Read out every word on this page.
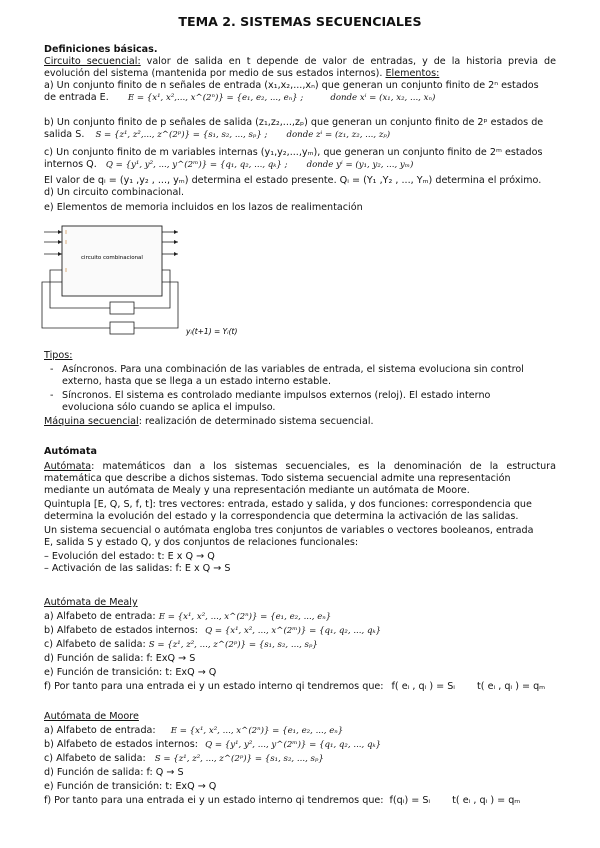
TEMA 2. SISTEMAS SECUENCIALES
Definiciones básicas.
Circuito secuencial: valor de salida en t depende de valor de entradas, y de la historia previa de
evolución del sistema (mantenida por medio de sus estados internos). Elementos:
a) Un conjunto finito de n señales de entrada (x₁,x₂,...,xₙ) que generan un conjunto finito de 2ⁿ estados
de entrada E. E = {x¹, x²,..., x^(2ⁿ)} = {e₁, e₂, ..., eₙ} ;	donde xⁱ = (x₁, x₂, ..., xₙ)
b) Un conjunto finito de p señales de salida (z₁,z₂,...,zₚ) que generan un conjunto finito de 2ᵖ estados de
salida S. S = {z¹, z²,..., z^(2ᵖ)} = {s₁, s₂, ..., sₚ} ; donde zⁱ = (z₁, z₂, ..., zₚ)
c) Un conjunto finito de m variables internas (y₁,y₂,...,yₘ), que generan un conjunto finito de 2ᵐ estados
internos Q. Q = {y¹, y², ..., y^(2ᵐ)} = {q₁, q₂, ..., qₖ} ; donde yⁱ = (y₁, y₂, ..., yₘ)
El valor de qᵢ = (y₁ ,y₂ , ..., yₘ) determina el estado presente. Qᵢ = (Y₁ ,Y₂ , ..., Yₘ) determina el próximo.
d) Un circuito combinacional.
e) Elementos de memoria incluidos en los lazos de realimentación
circuito combinacional
yᵢ(t+1) = Yᵢ(t)
Tipos:
- Asíncronos. Para una combinación de las variables de entrada, el sistema evoluciona sin control
externo, hasta que se llega a un estado interno estable.
- Síncronos. El sistema es controlado mediante impulsos externos (reloj). El estado interno
evoluciona sólo cuando se aplica el impulso.
Máquina secuencial: realización de determinado sistema secuencial.
Autómata
Autómata: matemáticos dan a los sistemas secuenciales, es la denominación de la estructura
matemática que describe a dichos sistemas. Todo sistema secuencial admite una representación
mediante un autómata de Mealy y una representación mediante un autómata de Moore.
Quintupla [E, Q, S, f, t]: tres vectores: entrada, estado y salida, y dos funciones: correspondencia que
determina la evolución del estado y la correspondencia que determina la activación de las salidas.
Un sistema secuencial o autómata engloba tres conjuntos de variables o vectores booleanos, entrada
E, salida S y estado Q, y dos conjuntos de relaciones funcionales:
– Evolución del estado: t: E x Q → Q
– Activación de las salidas: f: E x Q → S
Autómata de Mealy
a) Alfabeto de entrada: E = {x¹, x², ..., x^(2ⁿ)} = {e₁, e₂, ..., eₙ}
b) Alfabeto de estados internos: Q = {x¹, x², ..., x^(2ᵐ)} = {q₁, q₂, ..., qₖ}
c) Alfabeto de salida: S = {z¹, z², ..., z^(2ᵖ)} = {s₁, s₂, ..., sₚ}
d) Función de salida: f: ExQ → S
e) Función de transición: t: ExQ → Q
f) Por tanto para una entrada ei y un estado interno qi tendremos que: f( eᵢ , qᵢ ) = Sᵢ t( eᵢ , qᵢ ) = qₘ
Autómata de Moore
a) Alfabeto de entrada: E = {x¹, x², ..., x^(2ⁿ)} = {e₁, e₂, ..., eₙ}
b) Alfabeto de estados internos: Q = {y¹, y², ..., y^(2ᵐ)} = {q₁, q₂, ..., qₖ}
c) Alfabeto de salida: S = {z¹, z², ..., z^(2ᵖ)} = {s₁, s₂, ..., sₚ}
d) Función de salida: f: Q → S
e) Función de transición: t: ExQ → Q
f) Por tanto para una entrada ei y un estado interno qi tendremos que: f(qᵢ) = Sᵢ t( eᵢ , qᵢ ) = qₘ
